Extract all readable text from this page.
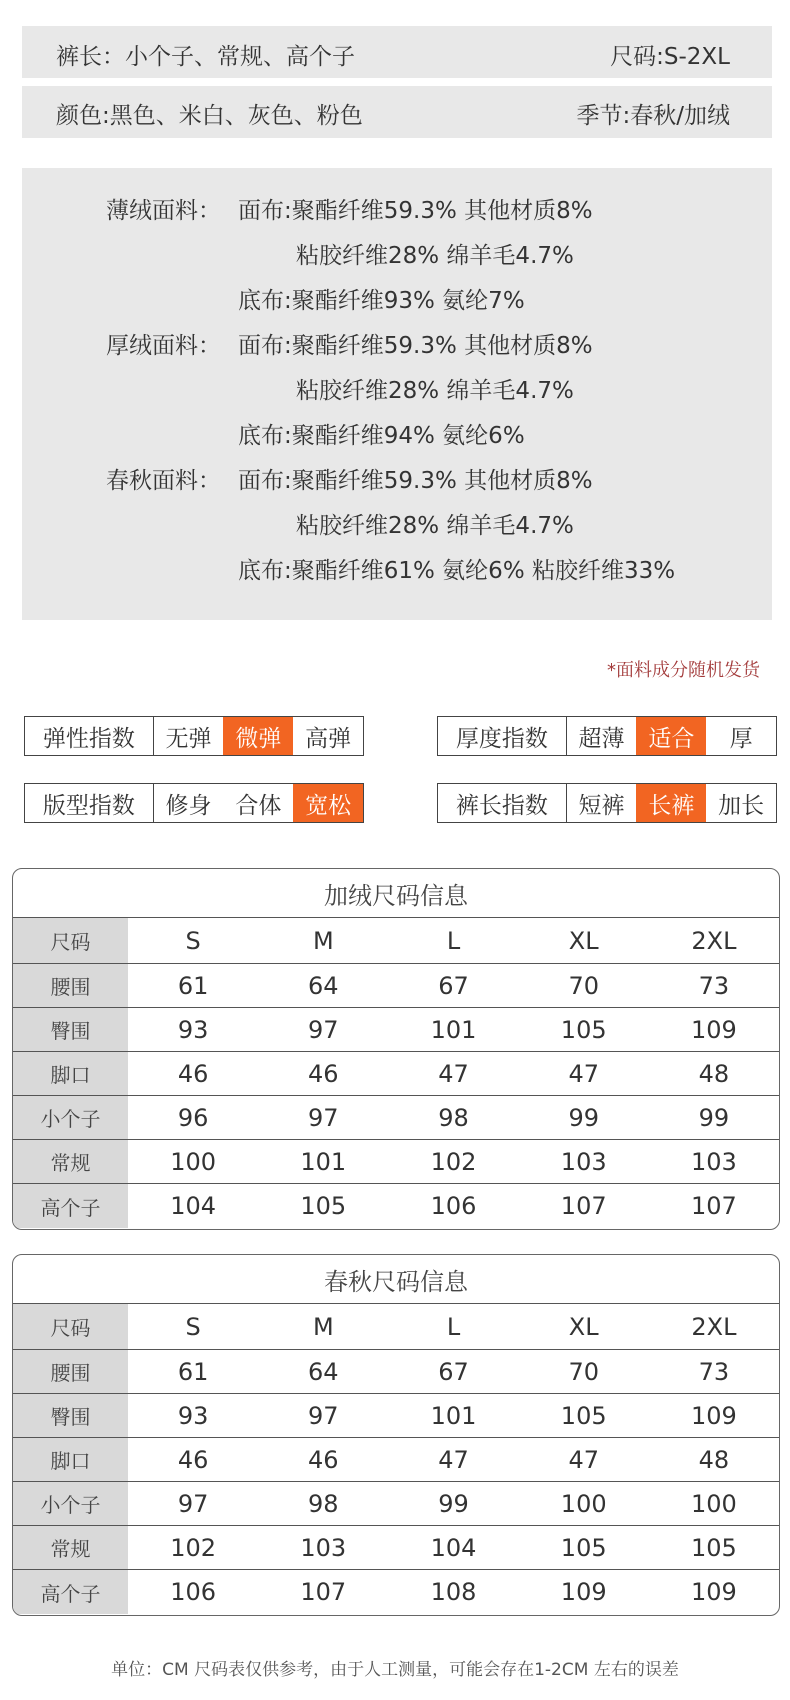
裤长：小个子、常规、高个子	尺码:S-2XL
颜色:黑色、米白、灰色、粉色	季节:春秋/加绒
薄绒面料： 面布:聚酯纤维59.3% 其他材质8%
粘胶纤维28% 绵羊毛4.7%
底布:聚酯纤维93% 氨纶7%
厚绒面料： 面布:聚酯纤维59.3% 其他材质8%
粘胶纤维28% 绵羊毛4.7%
底布:聚酯纤维94% 氨纶6%
春秋面料： 面布:聚酯纤维59.3% 其他材质8%
粘胶纤维28% 绵羊毛4.7%
底布:聚酯纤维61% 氨纶6% 粘胶纤维33%
*面料成分随机发货
弹性指数	无弹	微弹	高弹	厚度指数	超薄	适合	厚
版型指数	修身	合体	宽松	裤长指数	短裤	长裤	加长
加绒尺码信息
尺码	S	M	L	XL	2XL
腰围	61	64	67	70	73
臀围	93	97	101	105	109
脚口	46	46	47	47	48
小个子	96	97	98	99	99
常规	100	101	102	103	103
高个子	104	105	106	107	107
春秋尺码信息
尺码	S	M	L	XL	2XL
腰围	61	64	67	70	73
臀围	93	97	101	105	109
脚口	46	46	47	47	48
小个子	97	98	99	100	100
常规	102	103	104	105	105
高个子	106	107	108	109	109
单位：CM 尺码表仅供参考，由于人工测量，可能会存在1-2CM 左右的误差
